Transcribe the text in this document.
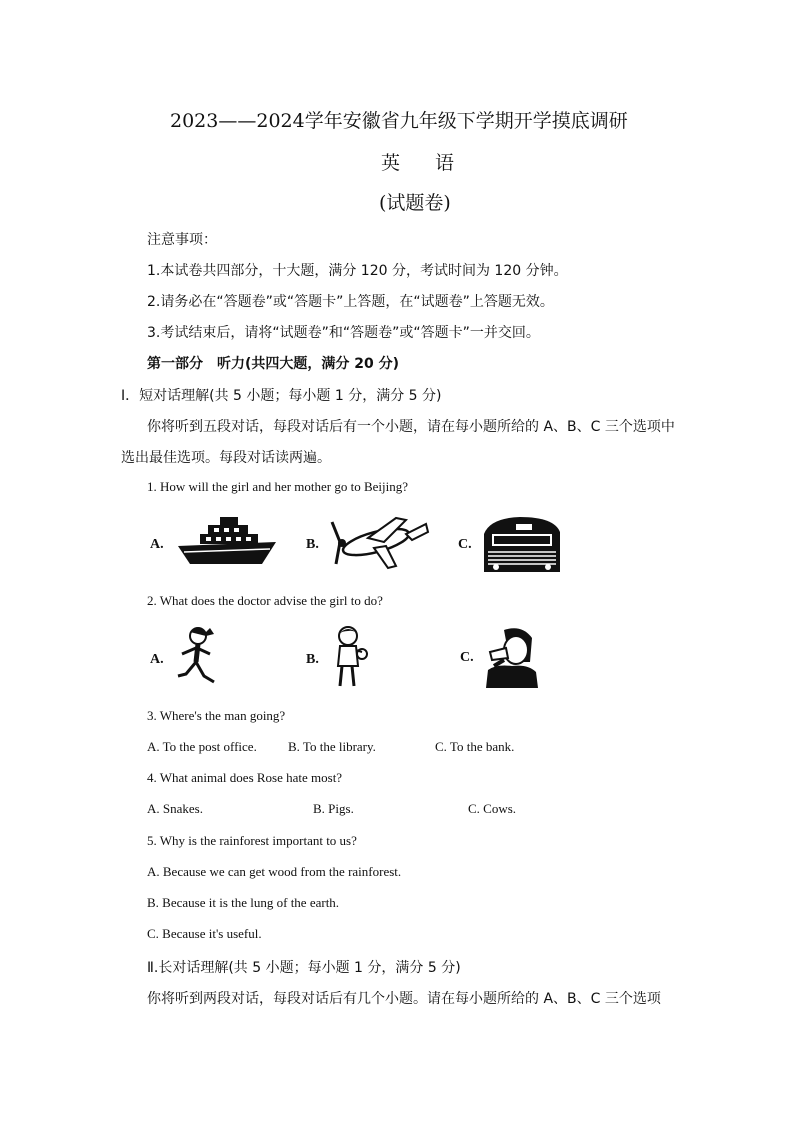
2023——2024学年安徽省九年级下学期开学摸底调研
英　语
(试题卷)
注意事项：
1.本试卷共四部分，十大题，满分 120 分，考试时间为 120 分钟。
2.请务必在“答题卷”或“答题卡”上答题，在“试题卷”上答题无效。
3.考试结束后，请将“试题卷”和“答题卷”或“答题卡”一并交回。
第一部分　听力(共四大题，满分 20 分)
Ⅰ．短对话理解(共 5 小题；每小题 1 分，满分 5 分)
你将听到五段对话，每段对话后有一个小题，请在每小题所给的 A、B、C 三个选项中
选出最佳选项。每段对话读两遍。
1. How will the girl and her mother go to Beijing?
A.	B.	C.
2. What does the doctor advise the girl to do?
A.	B.	C.
3. Where's the man going?
A. To the post office. B. To the library.	C. To the bank.
4. What animal does Rose hate most?
A. Snakes.	B. Pigs.	C. Cows.
5. Why is the rainforest important to us?
A. Because we can get wood from the rainforest.
B. Because it is the lung of the earth.
C. Because it's useful.
Ⅱ.长对话理解(共 5 小题；每小题 1 分，满分 5 分)
你将听到两段对话，每段对话后有几个小题。请在每小题所给的 A、B、C 三个选项
